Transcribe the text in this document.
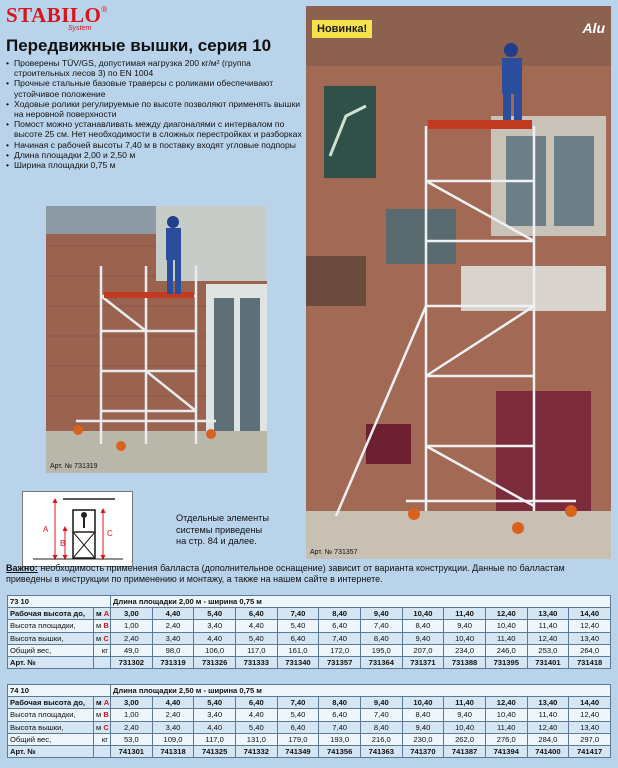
STABILO®
System
Передвижные вышки, серия 10
• Проверены TÜV/GS, допустимая нагрузка 200 кг/м² (группа строительных лесов 3) по EN 1004
• Прочные стальные базовые траверсы с роликами обеспечивают устойчивое положение
• Ходовые ролики регулируемые по высоте позволяют применять вышки на неровной поверхности
• Помост можно устанавливать между диагоналями с интервалом по высоте 25 см. Нет необходимости в сложных перестройках и разборках
• Начиная с рабочей высоты 7,40 м в поставку входят угловые подпоры
• Длина площадки 2,00 и 2,50 м
• Ширина площадки 0,75 м
Арт. № 731319
Новинка!	Alu
Арт. № 731357
A
B
C
Отдельные элементы
системы приведены
на стр. 84 и далее.
Важно: необходимость применения балласта (дополнительное оснащение) зависит от варианта конструкции. Данные по балластам приведены в инструкции по применению и монтажу, а также на нашем сайте в интернете.
73 10		Длина площадки 2,00 м - ширина 0,75 м											
Рабочая высота до,	м A	3,00	4,40	5,40	6,40	7,40	8,40	9,40	10,40	11,40	12,40	13,40	14,40
Высота площадки,	м B	1,00	2,40	3,40	4,40	5,40	6,40	7,40	8,40	9,40	10,40	11,40	12,40
Высота вышки,	м C	2,40	3,40	4,40	5,40	6,40	7,40	8,40	9,40	10,40	11,40	12,40	13,40
Общий вес,	кг	49,0	98,0	106,0	117,0	161,0	172,0	195,0	207,0	234,0	246,0	253,0	264,0
Арт. №		731302	731319	731326	731333	731340	731357	731364	731371	731388	731395	731401	731418
74 10		Длина площадки 2,50 м - ширина 0,75 м											
Рабочая высота до,	м A	3,00	4,40	5,40	6,40	7,40	8,40	9,40	10,40	11,40	12,40	13,40	14,40
Высота площадки,	м B	1,00	2,40	3,40	4,40	5,40	6,40	7,40	8,40	9,40	10,40	11,40	12,40
Высота вышки,	м C	2,40	3,40	4,40	5,40	6,40	7,40	8,40	9,40	10,40	11,40	12,40	13,40
Общий вес,	кг	53,0	109,0	117,0	131,0	179,0	193,0	216,0	230,0	262,0	276,0	284,0	297,0
Арт. №		741301	741318	741325	741332	741349	741356	741363	741370	741387	741394	741400	741417
